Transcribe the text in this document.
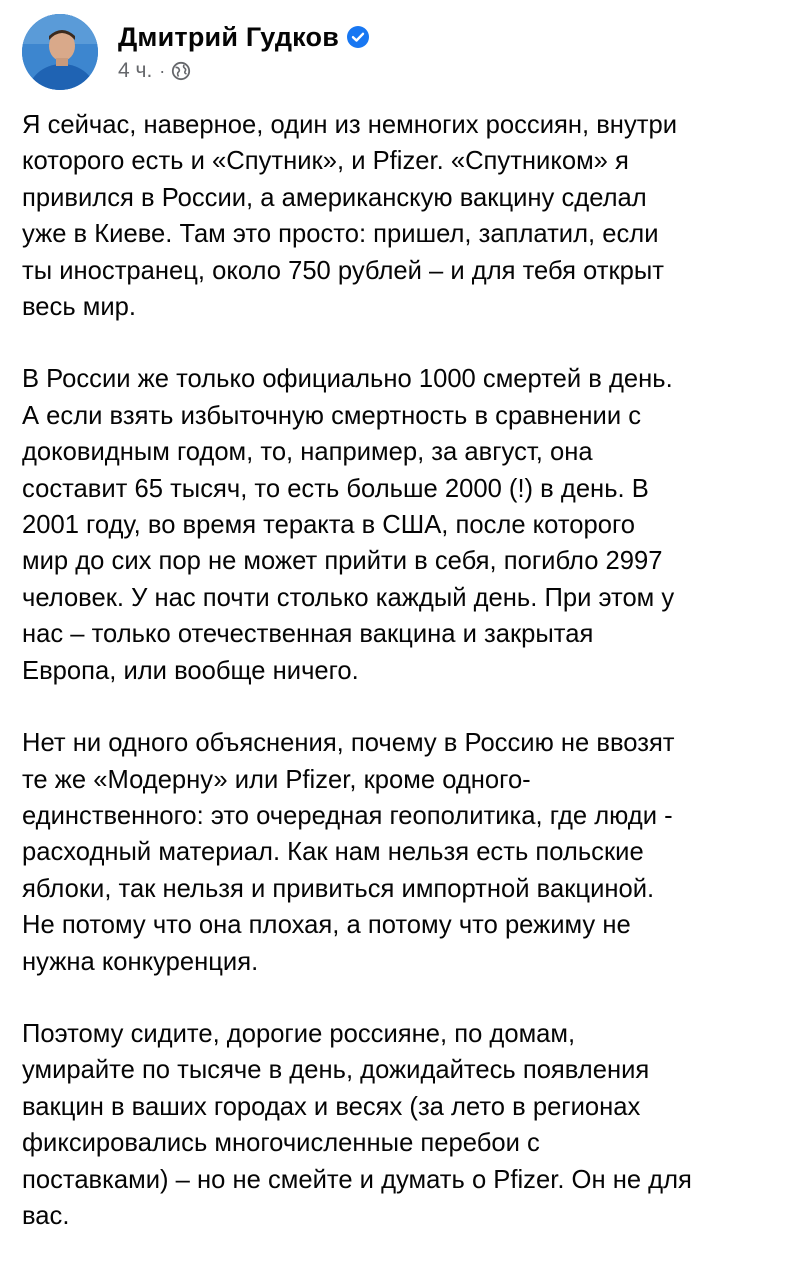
Дмитрий Гудков
4 ч. ·

Я сейчас, наверное, один из немногих россиян, внутри
которого есть и «Спутник», и Pfizer. «Спутником» я
привился в России, а американскую вакцину сделал
уже в Киеве. Там это просто: пришел, заплатил, если
ты иностранец, около 750 рублей – и для тебя открыт
весь мир.

В России же только официально 1000 смертей в день.
А если взять избыточную смертность в сравнении с
доковидным годом, то, например, за август, она
составит 65 тысяч, то есть больше 2000 (!) в день. В
2001 году, во время теракта в США, после которого
мир до сих пор не может прийти в себя, погибло 2997
человек. У нас почти столько каждый день. При этом у
нас – только отечественная вакцина и закрытая
Европа, или вообще ничего.

Нет ни одного объяснения, почему в Россию не ввозят
те же «Модерну» или Pfizer, кроме одного-
единственного: это очередная геополитика, где люди -
расходный материал. Как нам нельзя есть польские
яблоки, так нельзя и привиться импортной вакциной.
Не потому что она плохая, а потому что режиму не
нужна конкуренция.

Поэтому сидите, дорогие россияне, по домам,
умирайте по тысяче в день, дожидайтесь появления
вакцин в ваших городах и весях (за лето в регионах
фиксировались многочисленные перебои с
поставками) – но не смейте и думать о Pfizer. Он не для
вас.
